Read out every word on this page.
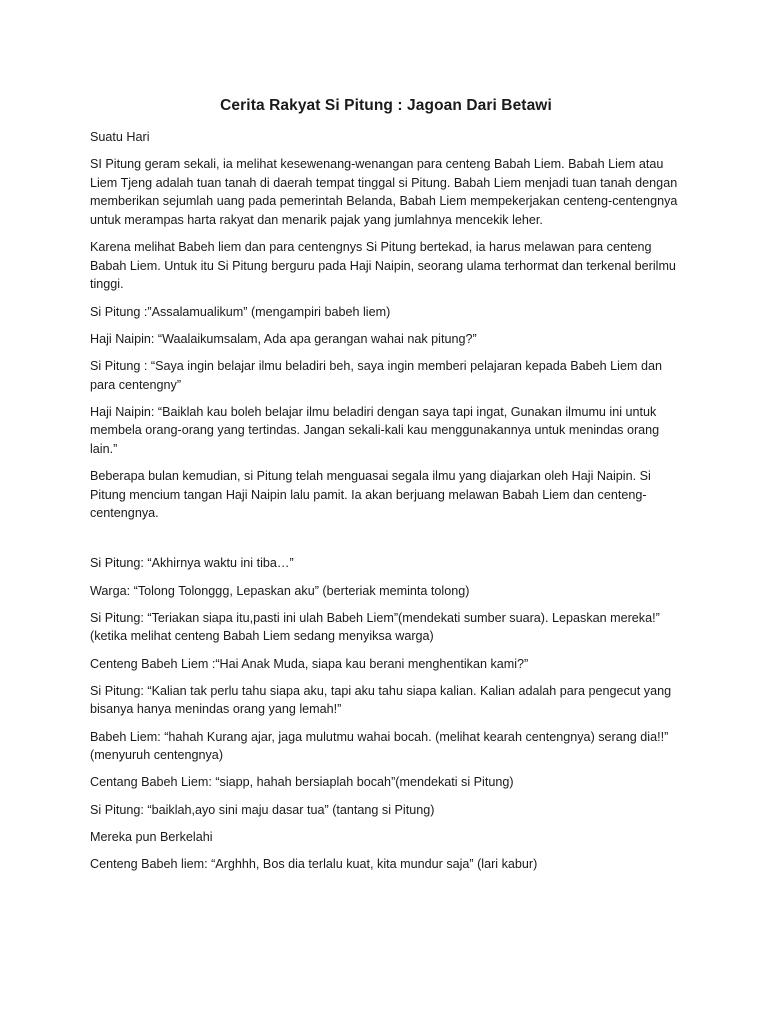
Cerita Rakyat Si Pitung : Jagoan Dari Betawi

Suatu Hari

SI Pitung geram sekali, ia melihat kesewenang-wenangan para centeng Babah Liem. Babah Liem atau Liem Tjeng adalah tuan tanah di daerah tempat tinggal si Pitung. Babah Liem menjadi tuan tanah dengan memberikan sejumlah uang pada pemerintah Belanda, Babah Liem mempekerjakan centeng-centengnya untuk merampas harta rakyat dan menarik pajak yang jumlahnya mencekik leher.

Karena melihat Babeh liem dan para centengnys Si Pitung bertekad, ia harus melawan para centeng Babah Liem. Untuk itu Si Pitung berguru pada Haji Naipin, seorang ulama terhormat dan terkenal berilmu tinggi.

Si Pitung :”Assalamualikum” (mengampiri babeh liem)

Haji Naipin: “Waalaikumsalam, Ada apa gerangan wahai nak pitung?”

Si Pitung : “Saya ingin belajar ilmu beladiri beh, saya ingin memberi pelajaran kepada Babeh Liem dan para centengny”

Haji Naipin: “Baiklah kau boleh belajar ilmu beladiri dengan saya tapi ingat, Gunakan ilmumu ini untuk membela orang-orang yang tertindas. Jangan sekali-kali kau menggunakannya untuk menindas orang lain.”

Beberapa bulan kemudian, si Pitung telah menguasai segala ilmu yang diajarkan oleh Haji Naipin. Si Pitung mencium tangan Haji Naipin lalu pamit. Ia akan berjuang melawan Babah Liem dan centeng-centengnya.

Si Pitung: “Akhirnya waktu ini tiba…”

Warga: “Tolong Tolonggg, Lepaskan aku” (berteriak meminta tolong)

Si Pitung: “Teriakan siapa itu,pasti ini ulah Babeh Liem”(mendekati sumber suara). Lepaskan mereka!” (ketika melihat centeng Babah Liem sedang menyiksa warga)

Centeng Babeh Liem :“Hai Anak Muda, siapa kau berani menghentikan kami?”

Si Pitung: “Kalian tak perlu tahu siapa aku, tapi aku tahu siapa kalian. Kalian adalah para pengecut yang bisanya hanya menindas orang yang lemah!”

Babeh Liem: “hahah Kurang ajar, jaga mulutmu wahai bocah. (melihat kearah centengnya) serang dia!!” (menyuruh centengnya)

Centang Babeh Liem: “siapp, hahah bersiaplah bocah”(mendekati si Pitung)

Si Pitung: “baiklah,ayo sini maju dasar tua” (tantang si Pitung)

Mereka pun Berkelahi

Centeng Babeh liem: “Arghhh, Bos dia terlalu kuat, kita mundur saja” (lari kabur)
